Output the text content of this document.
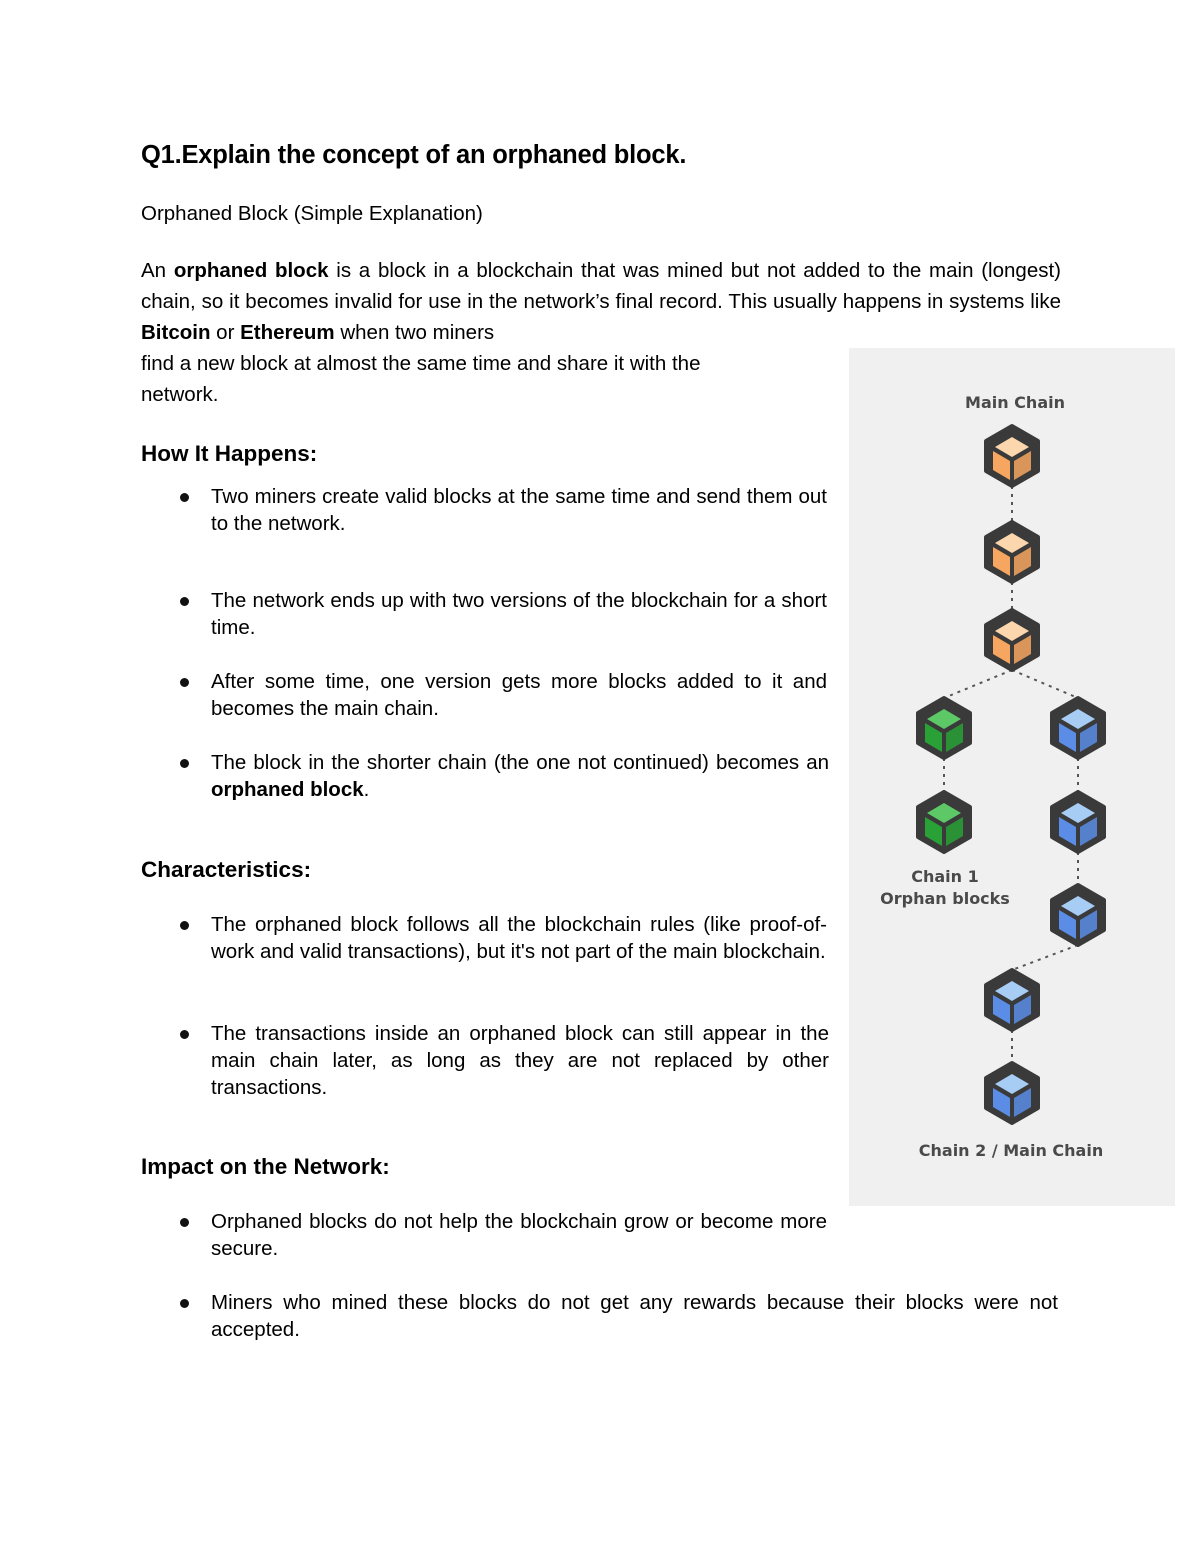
Q1.Explain the concept of an orphaned block.
Orphaned Block (Simple Explanation)

An orphaned block is a block in a blockchain that was mined but not added to the main (longest) chain, so it becomes invalid for use in the network’s final record. This usually happens in systems like Bitcoin or Ethereum when two miners

find a new block at almost the same time and share it with the

network.

How It Happens:
Two miners create valid blocks at the same time and send them out to the network.
The network ends up with two versions of the blockchain for a short time.
After some time, one version gets more blocks added to it and becomes the main chain.
The block in the shorter chain (the one not continued) becomes an orphaned block.
Characteristics:
The orphaned block follows all the blockchain rules (like proof-of-work and valid transactions), but it's not part of the main blockchain.
The transactions inside an orphaned block can still appear in the main chain later, as long as they are not replaced by other transactions.
Impact on the Network:
Orphaned blocks do not help the blockchain grow or become more secure.
Miners who mined these blocks do not get any rewards because their blocks were not accepted.
Main Chain
Chain 1
Orphan blocks
Chain 2 / Main Chain
